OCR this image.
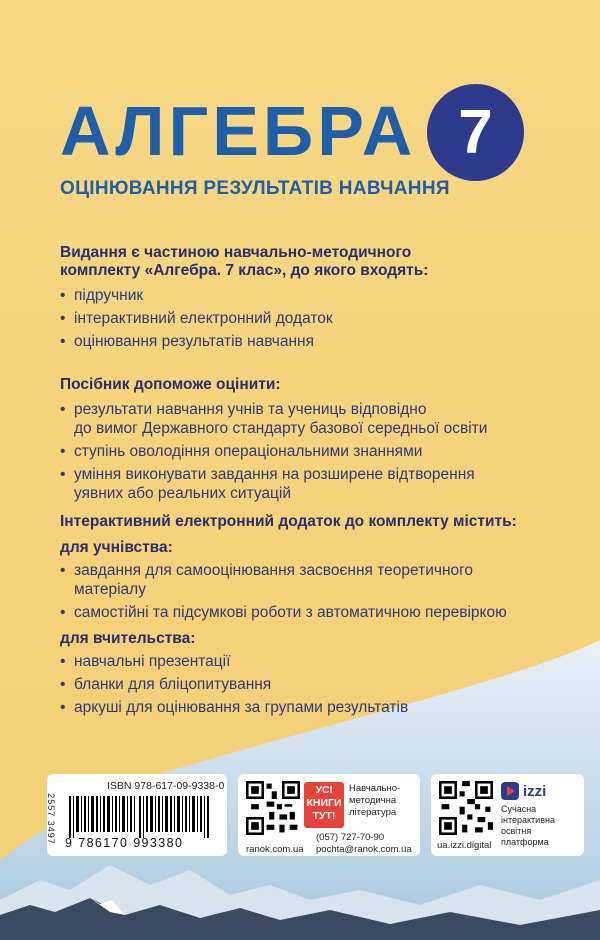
АЛГЕБРА 7
ОЦІНЮВАННЯ РЕЗУЛЬТАТІВ НАВЧАННЯ
Видання є частиною навчально-методичного
комплекту «Алгебра. 7 клас», до якого входять:
• підручник
• інтерактивний електронний додаток
• оцінювання результатів навчання
Посібник допоможе оцінити:
• результати навчання учнів та учениць відповідно
до вимог Державного стандарту базової середньої освіти
• ступінь оволодіння операціональними знаннями
• уміння виконувати завдання на розширене відтворення
уявних або реальних ситуацій
Інтерактивний електронний додаток до комплекту містить:
для учнівства:
• завдання для самооцінювання засвоєння теоретичного
матеріалу
• самостійні та підсумкові роботи з автоматичною перевіркою
для вчительства:
• навчальні презентації
• бланки для бліцопитування
• аркуші для оцінювання за групами результатів
ISBN 978-617-09-9338-0
2557 3497 9 786170 993380
УСІ
КНИГИ
ТУТ!
Навчально-
методична
література
(057) 727-70-90
ranok.com.ua pochta@ranok.com.ua
izzi
Сучасна
інтерактивна
освітня
платформа
ua.izzi.digital
